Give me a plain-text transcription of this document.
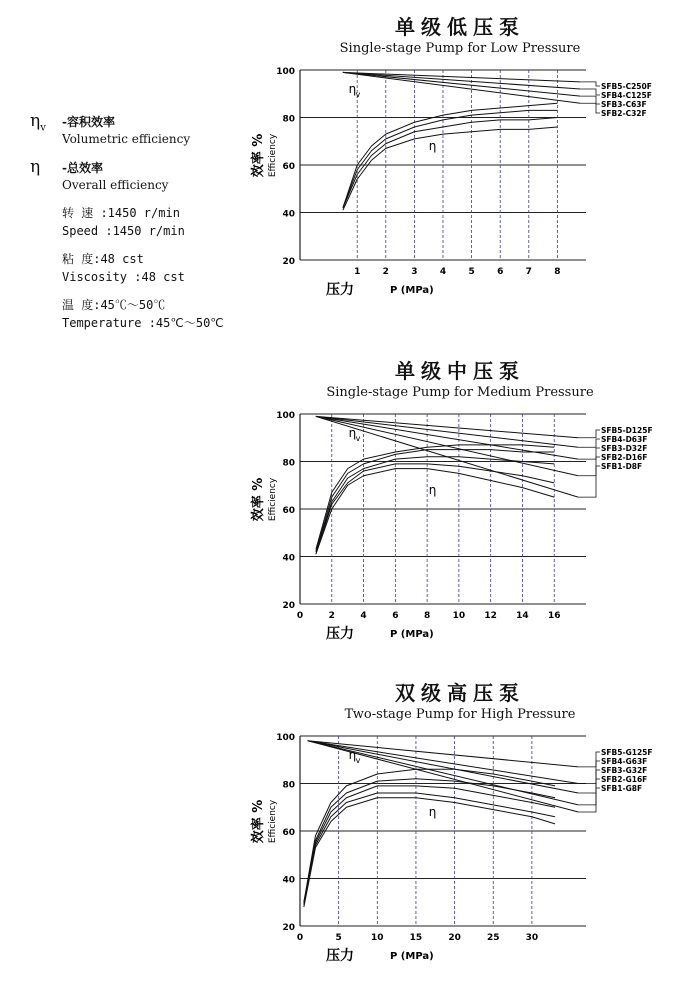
$\eta_v$ -容积效率
Volumetric efficiency
η -总效率
Overall efficiency
转 速 :1450 r/min
Speed :1450 r/min
粘 度:48 cst
Viscosity :48 cst
温 度:45℃～50℃
Temperature :45℃～50℃
单级低压泵
Single-stage Pump for Low Pressure
20
40
60
80
100
1 2 3 4 5 6 7 8
SFB5-C250F
SFB4-C125F
SFB3-C63F
SFB2-C32F
η v
η
效率 % Efficiency
压力	P (MPa)
单级中压泵
Single-stage Pump for Medium Pressure
20
40
60
80
100
0	2	4	6	8 10 12 14 16
SFB5-D125F
SFB4-D63F
SFB3-D32F
SFB2-D16F
SFB1-D8F
η v
η
效率 % Efficiency
压力	P (MPa)
双级高压泵
Two-stage Pump for High Pressure
20
40
60
80
100
0	5	10	15	20	25	30
SFB5-G125F
SFB4-G63F
SFB3-G32F
SFB2-G16F
SFB1-G8F
η v
η
效率 % Efficiency
压力	P (MPa)
